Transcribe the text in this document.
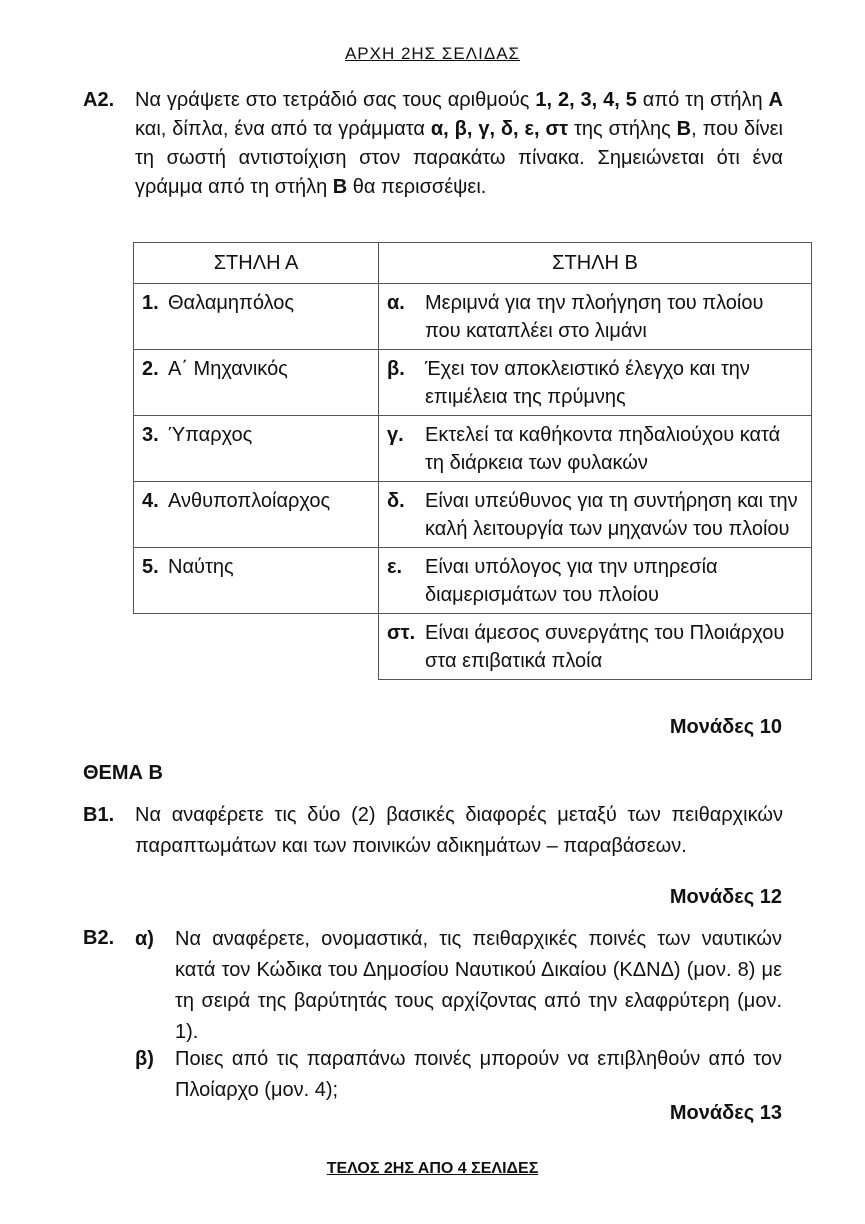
ΑΡΧΗ 2ΗΣ ΣΕΛΙΔΑΣ
Α2. Να γράψετε στο τετράδιό σας τους αριθμούς 1, 2, 3, 4, 5 από τη στήλη Α και, δίπλα, ένα από τα γράμματα α, β, γ, δ, ε, στ της στήλης Β, που δίνει τη σωστή αντιστοίχιση στον παρακάτω πίνακα. Σημειώνεται ότι ένα γράμμα από τη στήλη Β θα περισσέψει.
ΣΤΗΛΗ Α	ΣΤΗΛΗ Β
1. Θαλαμηπόλος	α. Μεριμνά για την πλοήγηση του πλοίου που καταπλέει στο λιμάνι
2. Α΄ Μηχανικός	β. Έχει τον αποκλειστικό έλεγχο και την επιμέλεια της πρύμνης
3. Ύπαρχος	γ. Εκτελεί τα καθήκοντα πηδαλιούχου κατά τη διάρκεια των φυλακών
4. Ανθυποπλοίαρχος	δ. Είναι υπεύθυνος για τη συντήρηση και την καλή λειτουργία των μηχανών του πλοίου
5. Ναύτης	ε. Είναι υπόλογος για την υπηρεσία διαμερισμάτων του πλοίου

	στ. Είναι άμεσος συνεργάτης του Πλοιάρχου στα επιβατικά πλοία
Μονάδες 10
ΘΕΜΑ Β
Β1. Να αναφέρετε τις δύο (2) βασικές διαφορές μεταξύ των πειθαρχικών παραπτωμάτων και των ποινικών αδικημάτων – παραβάσεων.
Μονάδες 12
Β2. α) Να αναφέρετε, ονομαστικά, τις πειθαρχικές ποινές των ναυτικών κατά τον Κώδικα του Δημοσίου Ναυτικού Δικαίου (ΚΔΝΔ) (μον. 8) με τη σειρά της βαρύτητάς τους αρχίζοντας από την ελαφρύτερη (μον. 1).
β) Ποιες από τις παραπάνω ποινές μπορούν να επιβληθούν από τον Πλοίαρχο (μον. 4);
Μονάδες 13
ΤΕΛΟΣ 2ΗΣ ΑΠΟ 4 ΣΕΛΙΔΕΣ
